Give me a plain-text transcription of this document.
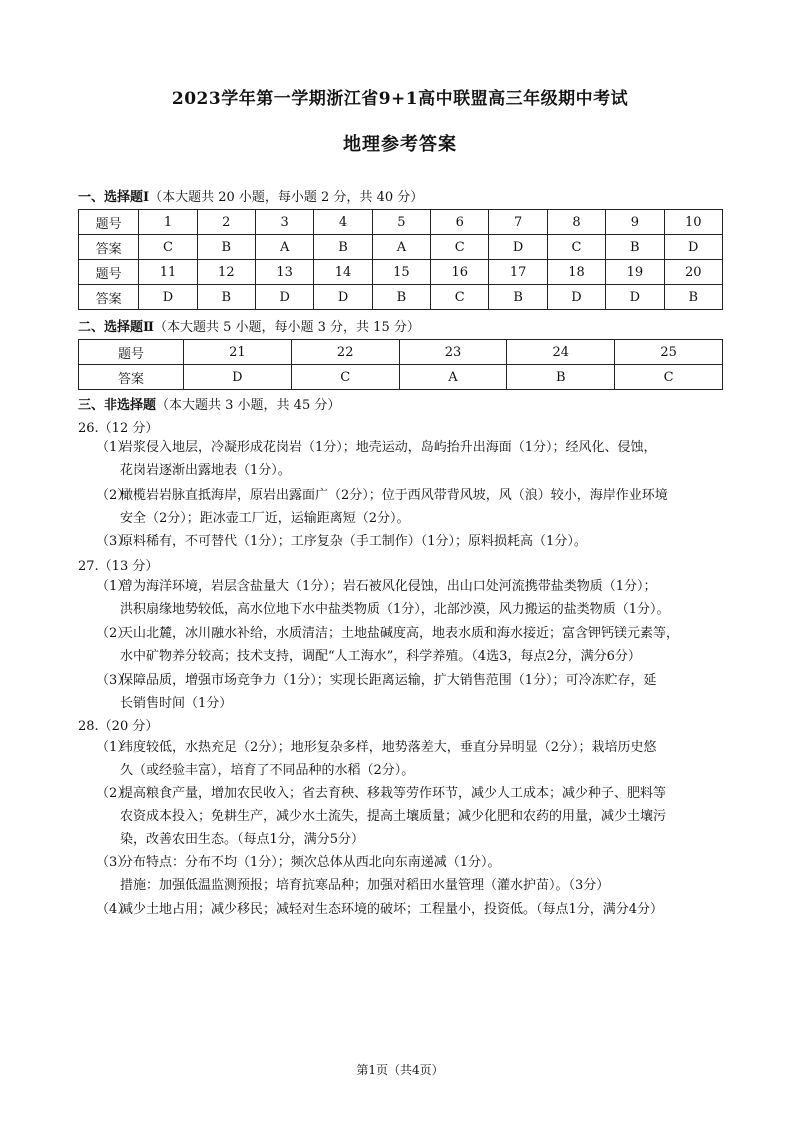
2023学年第一学期浙江省9+1高中联盟高三年级期中考试
地理参考答案
一、选择题Ⅰ（本大题共 20 小题，每小题 2 分，共 40 分）
题号	1	2	3	4	5	6	7	8	9	10
答案	C	B	A	B	A	C	D	C	B	D
题号	11	12	13	14	15	16	17	18	19	20
答案	D	B	D	D	B	C	B	D	D	B
二、选择题Ⅱ（本大题共 5 小题，每小题 3 分，共 15 分）
题号	21	22	23	24	25
答案	D	C	A	B	C
三、非选择题（本大题共 3 小题，共 45 分）
26.（12 分）
（1）
岩浆侵入地层，冷凝形成花岗岩（1分）；地壳运动，岛屿抬升出海面（1分）；经风化、侵蚀，
花岗岩逐渐出露地表（1分）。
（2）
橄榄岩岩脉直抵海岸，原岩出露面广（2分）；位于西风带背风坡，风（浪）较小，海岸作业环境
安全（2分）；距冰壶工厂近，运输距离短（2分）。
（3）
原料稀有，不可替代（1分）；工序复杂（手工制作）（1分）；原料损耗高（1分）。
27.（13 分）
（1）
曾为海洋环境，岩层含盐量大（1分）；岩石被风化侵蚀，出山口处河流携带盐类物质（1分）；
洪积扇缘地势较低，高水位地下水中盐类物质（1分），北部沙漠，风力搬运的盐类物质（1分）。
（2）
天山北麓，冰川融水补给，水质清洁；土地盐碱度高，地表水质和海水接近；富含钾钙镁元素等，
水中矿物养分较高；技术支持，调配“人工海水”，科学养殖。（4选3，每点2分，满分6分）
（3）
保障品质，增强市场竞争力（1分）；实现长距离运输，扩大销售范围（1分）；可冷冻贮存，延
长销售时间（1分）
28.（20 分）
（1）
纬度较低，水热充足（2分）；地形复杂多样，地势落差大，垂直分异明显（2分）；栽培历史悠
久（或经验丰富），培育了不同品种的水稻（2分）。
（2）
提高粮食产量，增加农民收入；省去育秧、移栽等劳作环节，减少人工成本；减少种子、肥料等
农资成本投入；免耕生产，减少水土流失，提高土壤质量；减少化肥和农药的用量，减少土壤污
染，改善农田生态。（每点1分，满分5分）
（3）
分布特点：分布不均（1分）；频次总体从西北向东南递减（1分）。
措施：加强低温监测预报；培育抗寒品种；加强对稻田水量管理（灌水护苗）。（3分）
（4）
减少土地占用；减少移民；减轻对生态环境的破坏；工程量小，投资低。（每点1分，满分4分）
第1页（共4页）
